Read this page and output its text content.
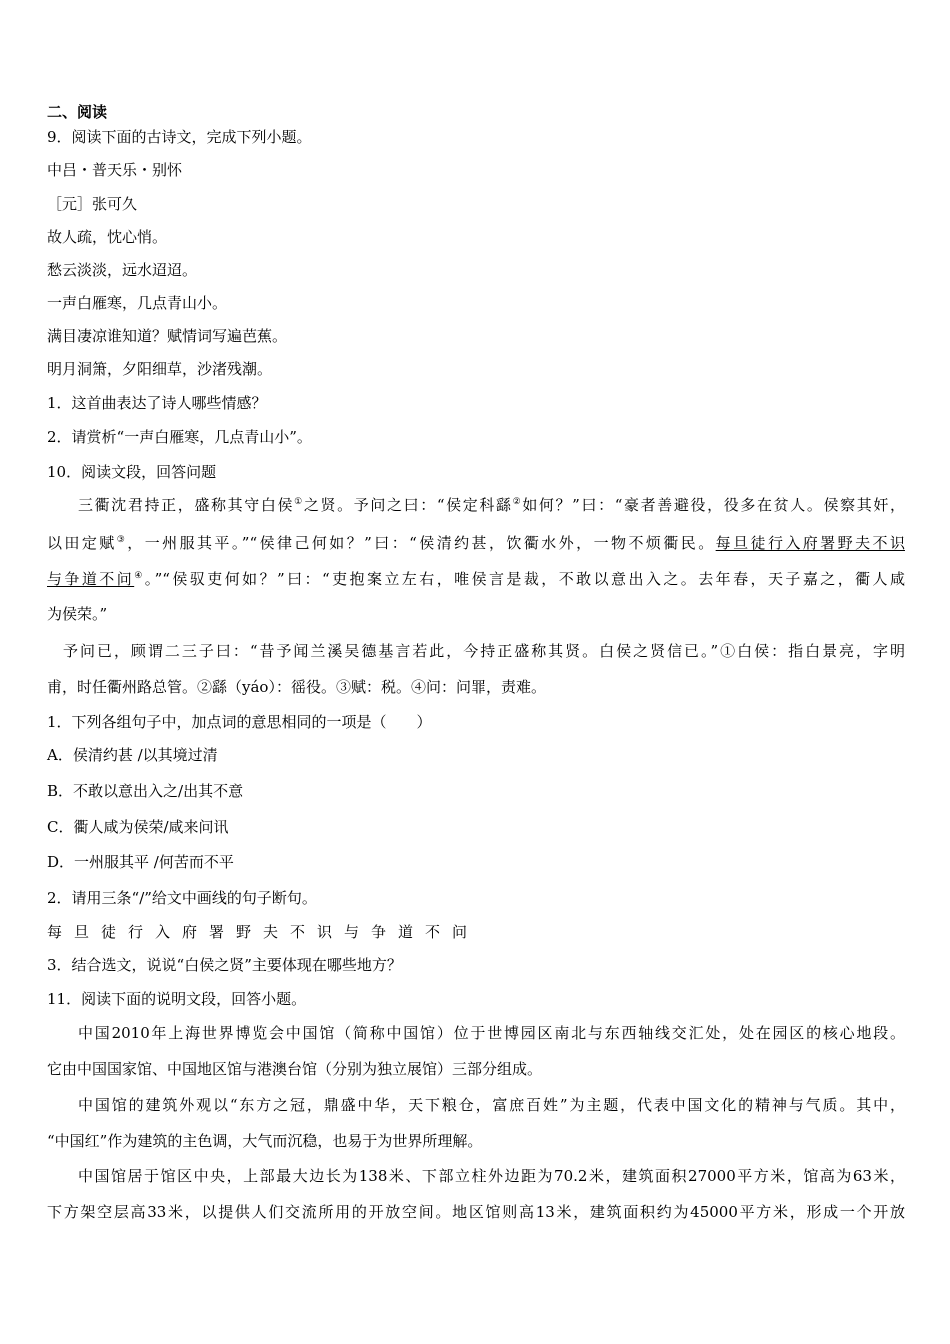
二、阅读
9．阅读下面的古诗文，完成下列小题。
中吕・普天乐・别怀
［元］张可久
故人疏，忱心悄。
愁云淡淡，远水迢迢。
一声白雁寒，几点青山小。
满目凄凉谁知道？赋情词写遍芭蕉。
明月洞箫，夕阳细草，沙渚残潮。
1．这首曲表达了诗人哪些情感？
2．请赏析“一声白雁寒，几点青山小”。
10．阅读文段，回答问题
三衢沈君持正，盛称其守白侯①之贤。予问之曰：“侯定科繇②如何？”曰：“豪者善避役，役多在贫人。侯察其奸，
以田定赋③，一州服其平。”“侯律己何如？”曰：“侯清约甚，饮衢水外，一物不烦衢民。每旦徒行入府署野夫不识
与争道不问④。”“侯驭吏何如？”曰：“吏抱案立左右，唯侯言是裁，不敢以意出入之。去年春，天子嘉之，衢人咸
为侯荣。”
予问已，顾谓二三子曰：“昔予闻兰溪吴德基言若此，今持正盛称其贤。白侯之贤信已。”①白侯：指白景亮，字明
甫，时任衢州路总管。②繇（yáo）：徭役。③赋：税。④问：问罪，责难。
1．下列各组句子中，加点词的意思相同的一项是（　　）
A．侯清约甚 /以其境过清
B．不敢以意出入之/出其不意
C．衢人咸为侯荣/咸来问讯
D．一州服其平 /何苦而不平
2．请用三条“/”给文中画线的句子断句。
每旦徒行入府署野夫不识与争道不问
3．结合选文，说说“白侯之贤”主要体现在哪些地方？
11．阅读下面的说明文段，回答小题。
中国2010年上海世界博览会中国馆（简称中国馆）位于世博园区南北与东西轴线交汇处，处在园区的核心地段。
它由中国国家馆、中国地区馆与港澳台馆（分别为独立展馆）三部分组成。
中国馆的建筑外观以“东方之冠，鼎盛中华，天下粮仓，富庶百姓”为主题，代表中国文化的精神与气质。其中，
“中国红”作为建筑的主色调，大气而沉稳，也易于为世界所理解。
中国馆居于馆区中央，上部最大边长为138米、下部立柱外边距为70.2米，建筑面积27000平方米，馆高为63米，
下方架空层高33米，以提供人们交流所用的开放空间。地区馆则高13米，建筑面积约为45000平方米，形成一个开放
